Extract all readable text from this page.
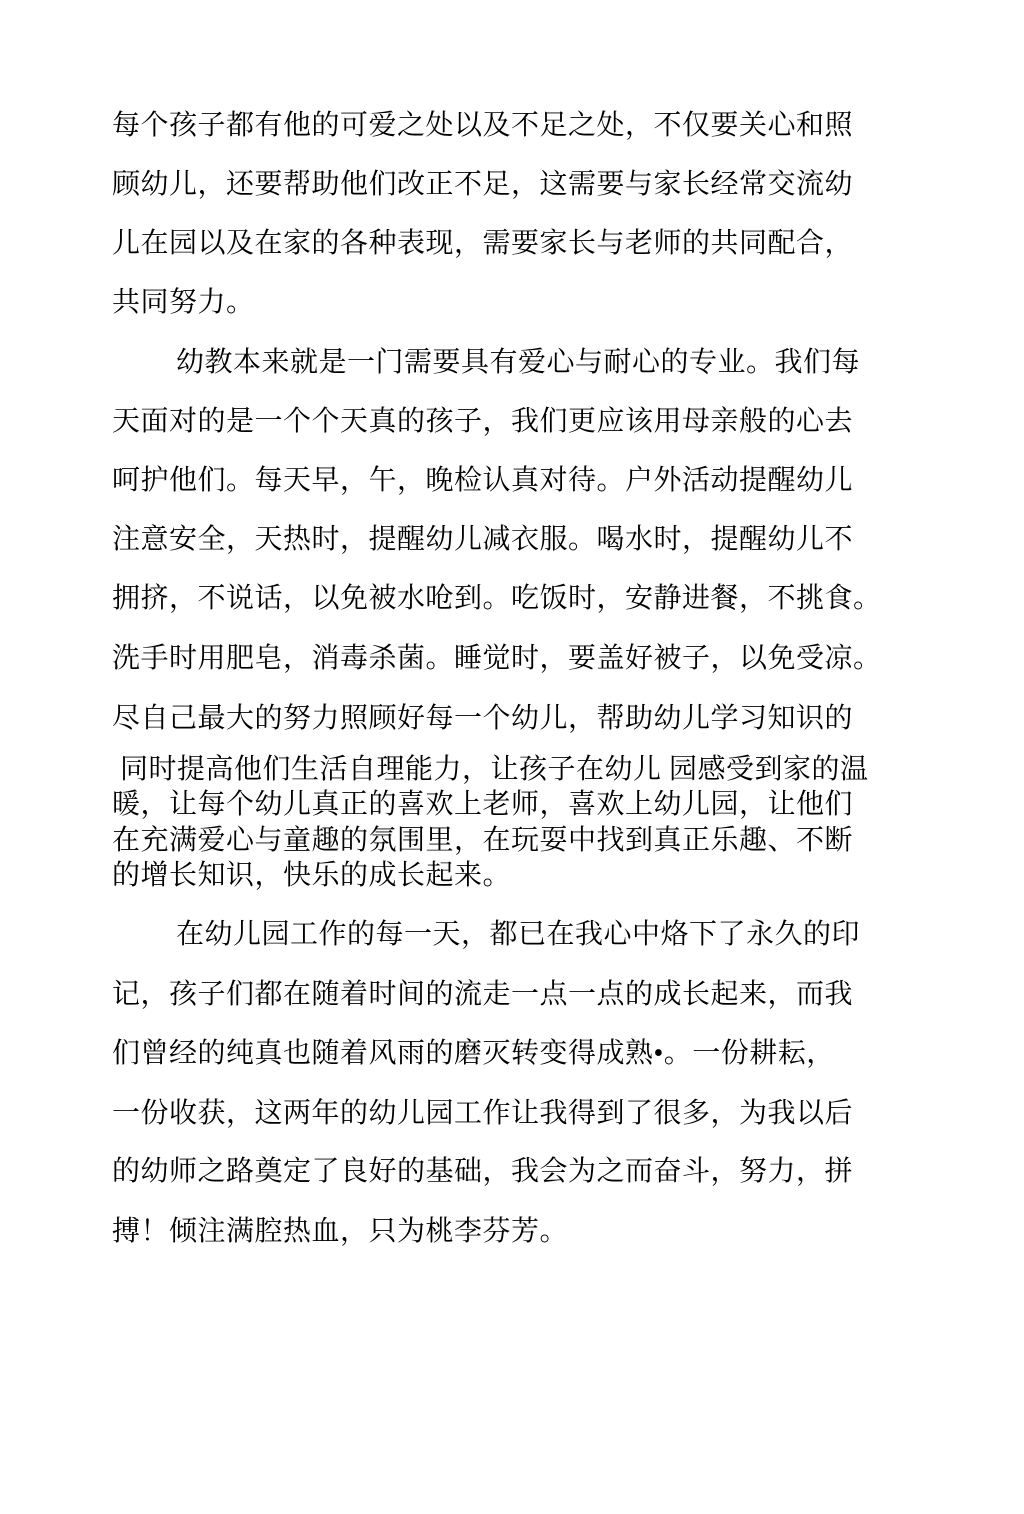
每个孩子都有他的可爱之处以及不足之处，不仅要关心和照
顾幼儿，还要帮助他们改正不足，这需要与家长经常交流幼
儿在园以及在家的各种表现，需要家长与老师的共同配合，
共同努力。
幼教本来就是一门需要具有爱心与耐心的专业。我们每
天面对的是一个个天真的孩子，我们更应该用母亲般的心去
呵护他们。每天早，午，晚检认真对待。户外活动提醒幼儿
注意安全，天热时，提醒幼儿减衣服。喝水时，提醒幼儿不
拥挤，不说话，以免被水呛到。吃饭时，安静进餐，不挑食。
洗手时用肥皂，消毒杀菌。睡觉时，要盖好被子，以免受凉。
尽自己最大的努力照顾好每一个幼儿，帮助幼儿学习知识的
同时提高他们生活自理能力，让孩子在幼儿 园感受到家的温
暖，让每个幼儿真正的喜欢上老师，喜欢上幼儿园，让他们
在充满爱心与童趣的氛围里，在玩耍中找到真正乐趣、不断
的增长知识，快乐的成长起来。
在幼儿园工作的每一天，都已在我心中烙下了永久的印
记，孩子们都在随着时间的流走一点一点的成长起来，而我
们曾经的纯真也随着风雨的磨灭转变得成熟•。一份耕耘，
一份收获，这两年的幼儿园工作让我得到了很多，为我以后
的幼师之路奠定了良好的基础，我会为之而奋斗，努力，拼
搏！倾注满腔热血，只为桃李芬芳。
